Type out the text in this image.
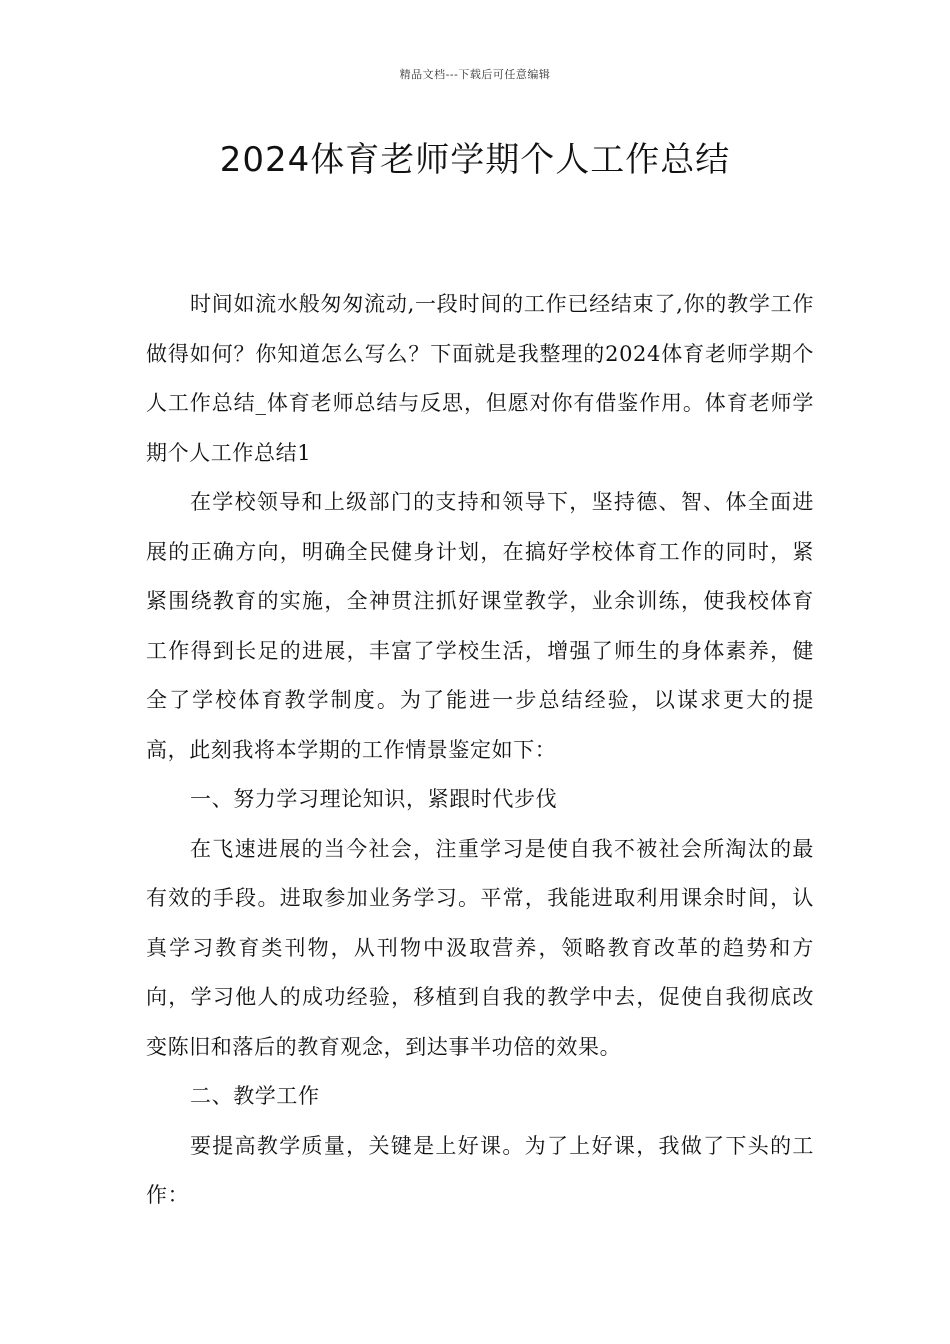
精品文档---下载后可任意编辑
2024体育老师学期个人工作总结

时间如流水般匆匆流动,一段时间的工作已经结束了,你的教学工作做得如何？你知道怎么写么？下面就是我整理的2024体育老师学期个人工作总结_体育老师总结与反思，但愿对你有借鉴作用。体育老师学期个人工作总结1

在学校领导和上级部门的支持和领导下，坚持德、智、体全面进展的正确方向，明确全民健身计划，在搞好学校体育工作的同时，紧紧围绕教育的实施，全神贯注抓好课堂教学，业余训练，使我校体育工作得到长足的进展，丰富了学校生活，增强了师生的身体素养，健全了学校体育教学制度。为了能进一步总结经验，以谋求更大的提高，此刻我将本学期的工作情景鉴定如下：

一、努力学习理论知识，紧跟时代步伐

在飞速进展的当今社会，注重学习是使自我不被社会所淘汰的最有效的手段。进取参加业务学习。平常，我能进取利用课余时间，认真学习教育类刊物，从刊物中汲取营养，领略教育改革的趋势和方向，学习他人的成功经验，移植到自我的教学中去，促使自我彻底改变陈旧和落后的教育观念，到达事半功倍的效果。

二、教学工作

要提高教学质量，关键是上好课。为了上好课，我做了下头的工作：
